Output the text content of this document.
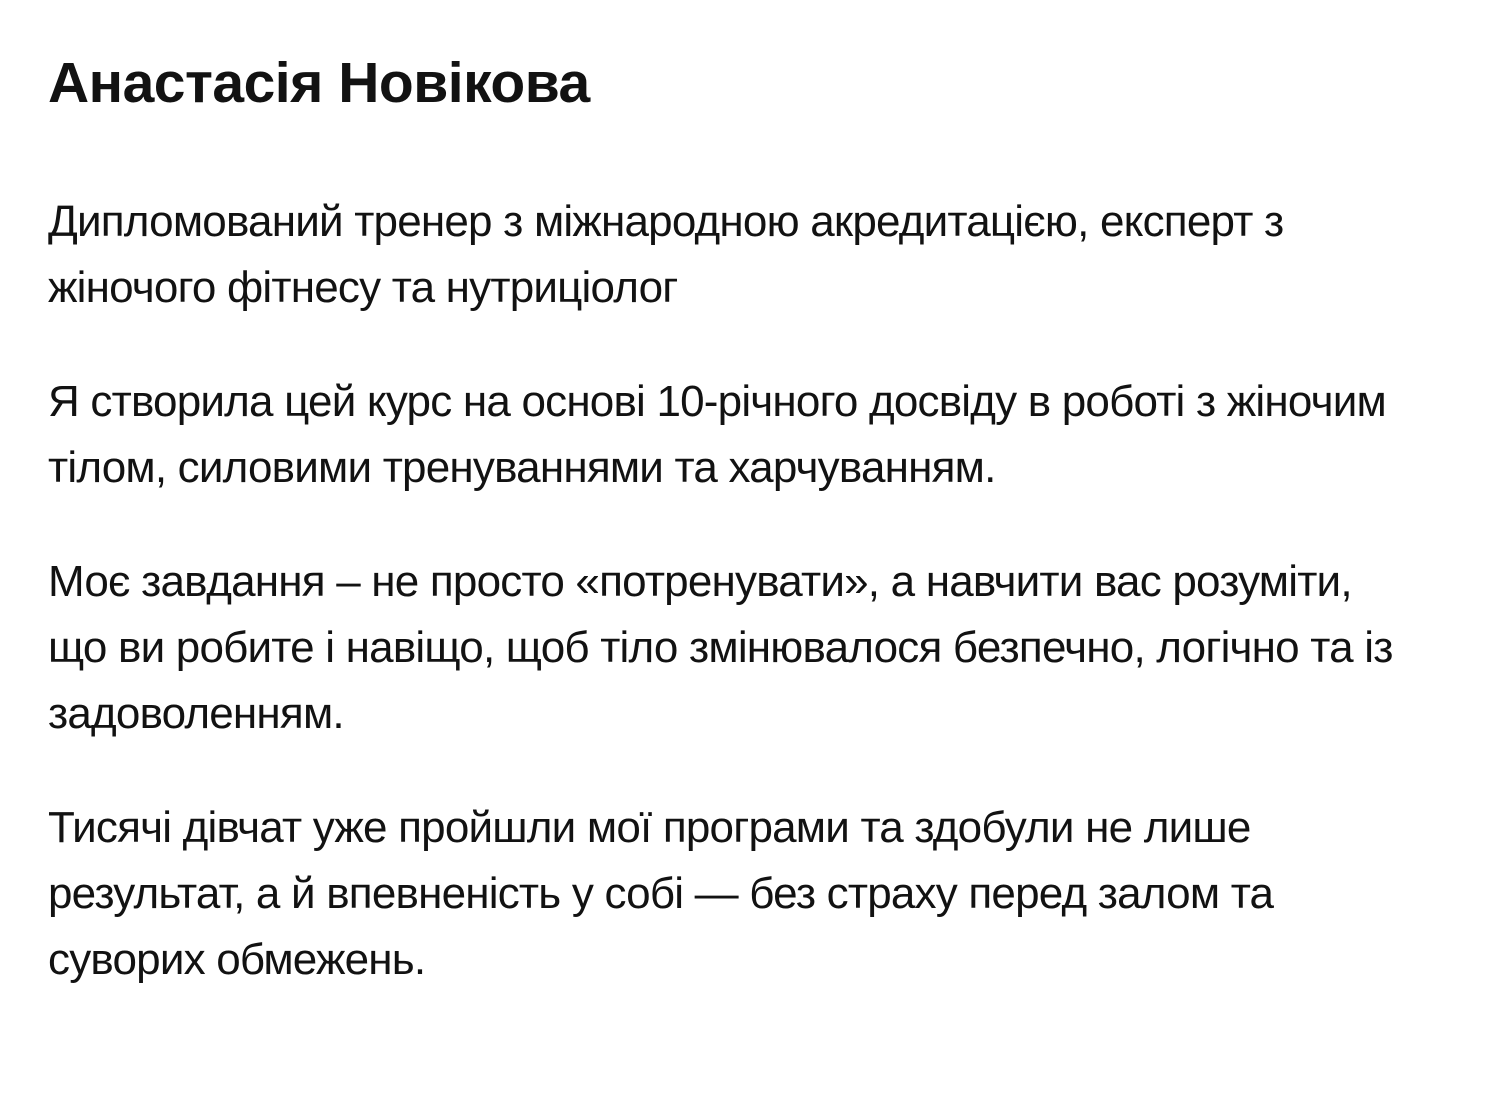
Анастасія Новікова

Дипломований тренер з міжнародною акредитацією, експерт з жіночого фітнесу та нутриціолог

Я створила цей курс на основі 10-річного досвіду в роботі з жіночим тілом, силовими тренуваннями та харчуванням.

Моє завдання – не просто «потренувати», а навчити вас розуміти, що ви робите і навіщо, щоб тіло змінювалося безпечно, логічно та із задоволенням.

Тисячі дівчат уже пройшли мої програми та здобули не лише результат, а й впевненість у собі — без страху перед залом та суворих обмежень.
